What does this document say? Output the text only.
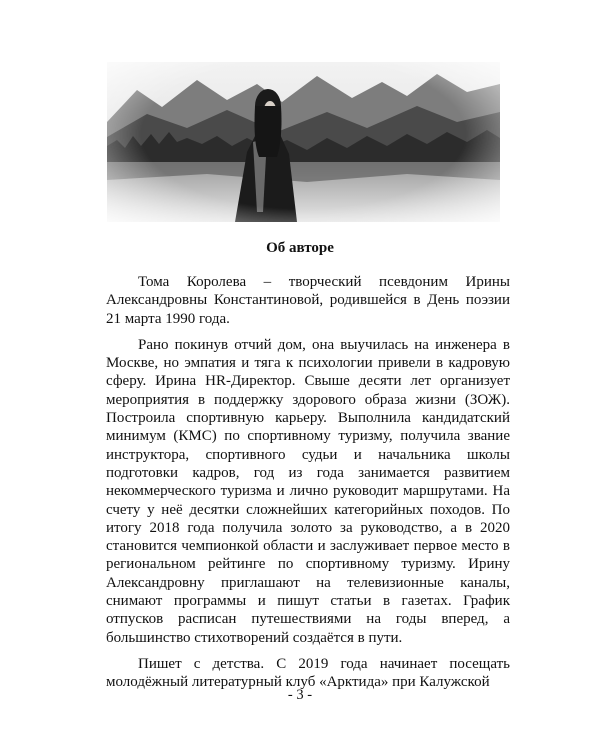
Об авторе

Тома Королева – творческий псевдоним Ирины Александровны Константиновой, родившейся в День поэзии 21 марта 1990 года.

Рано покинув отчий дом, она выучилась на инженера в Москве, но эмпатия и тяга к психологии привели в кадровую сферу. Ирина HR-Директор. Свыше десяти лет организует мероприятия в поддержку здорового образа жизни (ЗОЖ). Построила спортивную карьеру. Выполнила кандидатский минимум (КМС) по спортивному туризму, получила звание инструктора, спортивного судьи и начальника школы подготовки кадров, год из года занимается развитием некоммерческого туризма и лично руководит маршрутами. На счету у неё десятки сложнейших категорийных походов. По итогу 2018 года получила золото за руководство, а в 2020 становится чемпионкой области и заслуживает первое место в региональном рейтинге по спортивному туризму. Ирину Александровну приглашают на телевизионные каналы, снимают программы и пишут статьи в газетах. График отпусков расписан путешествиями на годы вперед, а большинство стихотворений создаётся в пути.

Пишет с детства. С 2019 года начинает посещать молодёжный литературный клуб «Арктида» при Калужской

- 3 -
